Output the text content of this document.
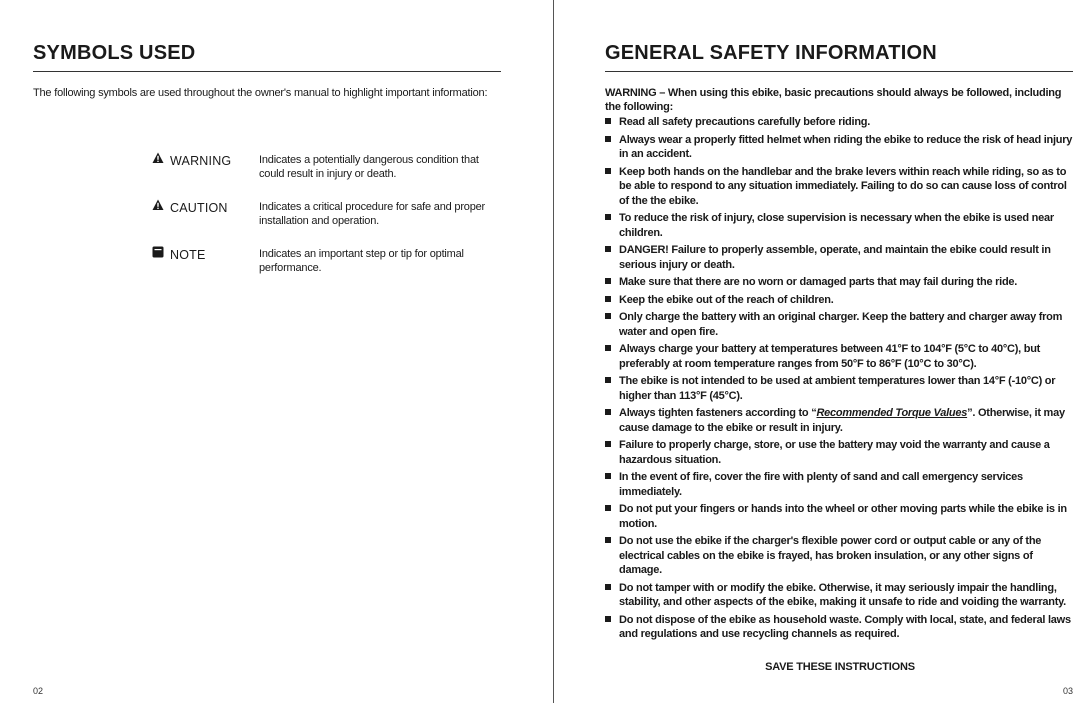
SYMBOLS USED
The following symbols are used throughout the owner's manual to highlight important information:
WARNING	Indicates a potentially dangerous condition that could result in injury or death.
CAUTION	Indicates a critical procedure for safe and proper installation and operation.
NOTE	Indicates an important step or tip for optimal performance.
02
GENERAL SAFETY INFORMATION
WARNING – When using this ebike, basic precautions should always be followed, including the following:
Read all safety precautions carefully before riding.
Always wear a properly fitted helmet when riding the ebike to reduce the risk of head injury in an accident.
Keep both hands on the handlebar and the brake levers within reach while riding, so as to be able to respond to any situation immediately. Failing to do so can cause loss of control of the the ebike.
To reduce the risk of injury, close supervision is necessary when the ebike is used near children.
DANGER! Failure to properly assemble, operate, and maintain the ebike could result in serious injury or death.
Make sure that there are no worn or damaged parts that may fail during the ride.
Keep the ebike out of the reach of children.
Only charge the battery with an original charger. Keep the battery and charger away from water and open fire.
Always charge your battery at temperatures between 41°F to 104°F (5°C to 40°C), but preferably at room temperature ranges from 50°F to 86°F (10°C to 30°C).
The ebike is not intended to be used at ambient temperatures lower than 14°F (-10°C) or higher than 113°F (45°C).
Always tighten fasteners according to “Recommended Torque Values”. Otherwise, it may cause damage to the ebike or result in injury.
Failure to properly charge, store, or use the battery may void the warranty and cause a hazardous situation.
In the event of fire, cover the fire with plenty of sand and call emergency services immediately.
Do not put your fingers or hands into the wheel or other moving parts while the ebike is in motion.
Do not use the ebike if the charger's flexible power cord or output cable or any of the electrical cables on the ebike is frayed, has broken insulation, or any other signs of damage.
Do not tamper with or modify the ebike. Otherwise, it may seriously impair the handling, stability, and other aspects of the ebike, making it unsafe to ride and voiding the warranty.
Do not dispose of the ebike as household waste. Comply with local, state, and federal laws and regulations and use recycling channels as required.
SAVE THESE INSTRUCTIONS
03
